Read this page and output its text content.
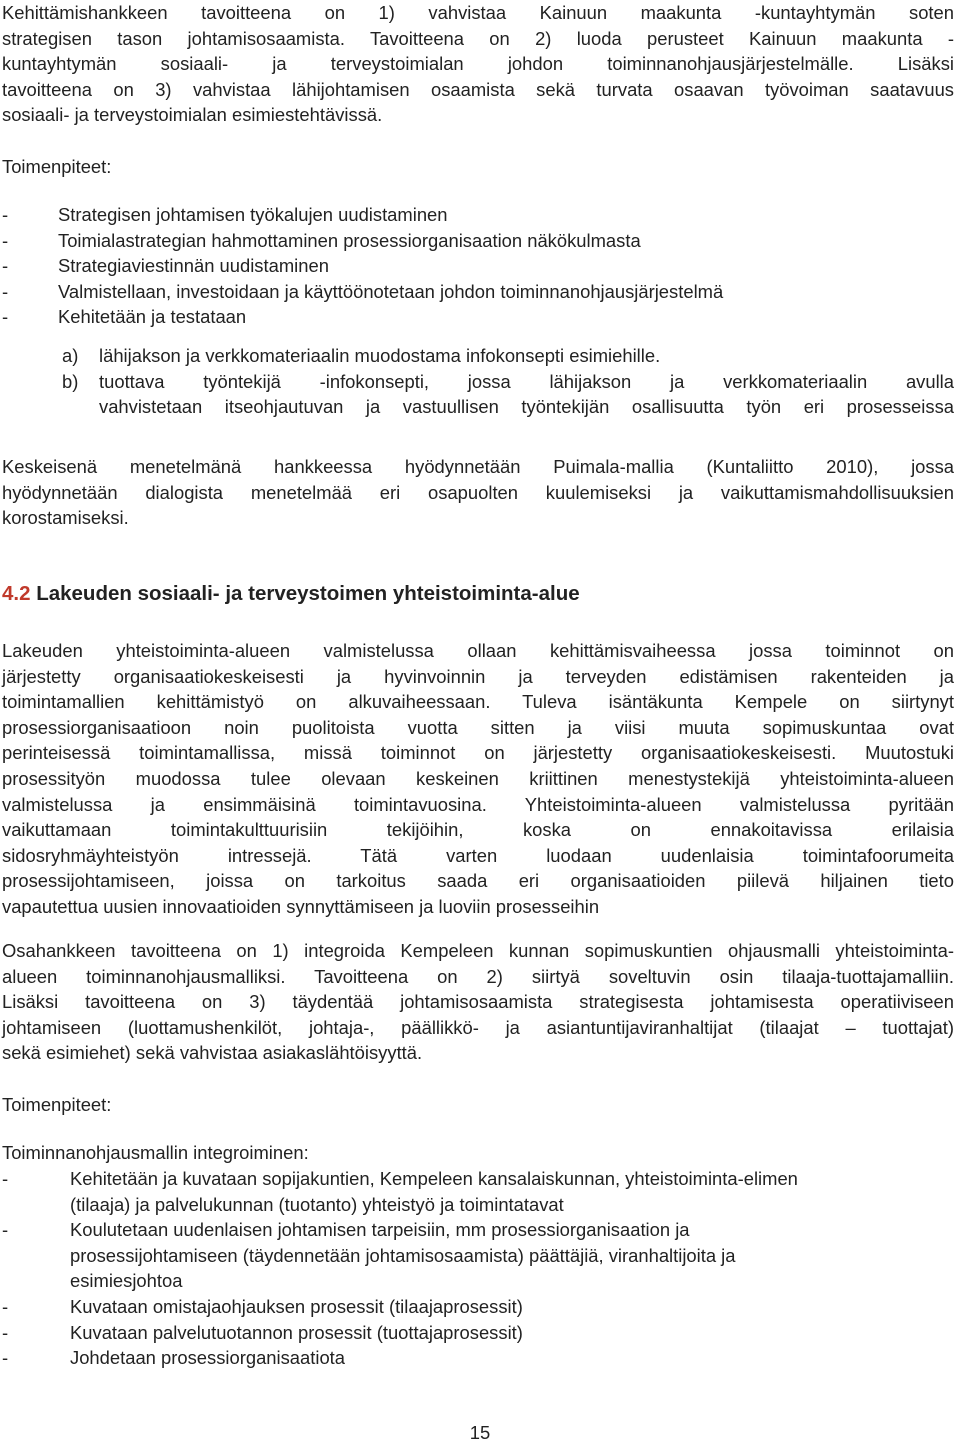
Kehittämishankkeen tavoitteena on 1) vahvistaa Kainuun maakunta -kuntayhtymän soten
strategisen tason johtamisosaamista. Tavoitteena on 2) luoda perusteet Kainuun maakunta -
kuntayhtymän sosiaali- ja terveystoimialan johdon toiminnanohjausjärjestelmälle. Lisäksi
tavoitteena on 3) vahvistaa lähijohtamisen osaamista sekä turvata osaavan työvoiman saatavuus
sosiaali- ja terveystoimialan esimiestehtävissä.

Toimenpiteet:

-	Strategisen johtamisen työkalujen uudistaminen
-	Toimialastrategian hahmottaminen prosessiorganisaation näkökulmasta
-	Strategiaviestinnän uudistaminen
-	Valmistellaan, investoidaan ja käyttöönotetaan johdon toiminnanohjausjärjestelmä
-	Kehitetään ja testataan
a) lähijakson ja verkkomateriaalin muodostama infokonsepti esimiehille.
b) tuottava työntekijä -infokonsepti, jossa lähijakson ja verkkomateriaalin avulla
vahvistetaan itseohjautuvan ja vastuullisen työntekijän osallisuutta työn eri prosesseissa

Keskeisenä menetelmänä hankkeessa hyödynnetään Puimala-mallia (Kuntaliitto 2010), jossa
hyödynnetään dialogista menetelmää eri osapuolten kuulemiseksi ja vaikuttamismahdollisuuksien
korostamiseksi.

4.2 Lakeuden sosiaali- ja terveystoimen yhteistoiminta-alue

Lakeuden yhteistoiminta-alueen valmistelussa ollaan kehittämisvaiheessa jossa toiminnot on
järjestetty organisaatiokeskeisesti ja hyvinvoinnin ja terveyden edistämisen rakenteiden ja
toimintamallien kehittämistyö on alkuvaiheessaan. Tuleva isäntäkunta Kempele on siirtynyt
prosessiorganisaatioon noin puolitoista vuotta sitten ja viisi muuta sopimuskuntaa ovat
perinteisessä toimintamallissa, missä toiminnot on järjestetty organisaatiokeskeisesti. Muutostuki
prosessityön muodossa tulee olevaan keskeinen kriittinen menestystekijä yhteistoiminta-alueen
valmistelussa ja ensimmäisinä toimintavuosina. Yhteistoiminta-alueen valmistelussa pyritään
vaikuttamaan toimintakulttuurisiin tekijöihin, koska on ennakoitavissa erilaisia
sidosryhmäyhteistyön intressejä. Tätä varten luodaan uudenlaisia toimintafoorumeita
prosessijohtamiseen, joissa on tarkoitus saada eri organisaatioiden piilevä hiljainen tieto
vapautettua uusien innovaatioiden synnyttämiseen ja luoviin prosesseihin

Osahankkeen tavoitteena on 1) integroida Kempeleen kunnan sopimuskuntien ohjausmalli yhteistoiminta-
alueen toiminnanohjausmalliksi. Tavoitteena on 2) siirtyä soveltuvin osin tilaaja-tuottajamalliin.
Lisäksi tavoitteena on 3) täydentää johtamisosaamista strategisesta johtamisesta operatiiviseen
johtamiseen (luottamushenkilöt, johtaja-, päällikkö- ja asiantuntijaviranhaltijat (tilaajat – tuottajat)
sekä esimiehet) sekä vahvistaa asiakaslähtöisyyttä.

Toimenpiteet:

Toiminnanohjausmallin integroiminen:

-	Kehitetään ja kuvataan sopijakuntien, Kempeleen kansalaiskunnan, yhteistoiminta-elimen
(tilaaja) ja palvelukunnan (tuotanto) yhteistyö ja toimintatavat
-	Koulutetaan uudenlaisen johtamisen tarpeisiin, mm prosessiorganisaation ja
prosessijohtamiseen (täydennetään johtamisosaamista) päättäjiä, viranhaltijoita ja
esimiesjohtoa
-	Kuvataan omistajaohjauksen prosessit (tilaajaprosessit)
-	Kuvataan palvelutuotannon prosessit (tuottajaprosessit)
-	Johdetaan prosessiorganisaatiota
15
